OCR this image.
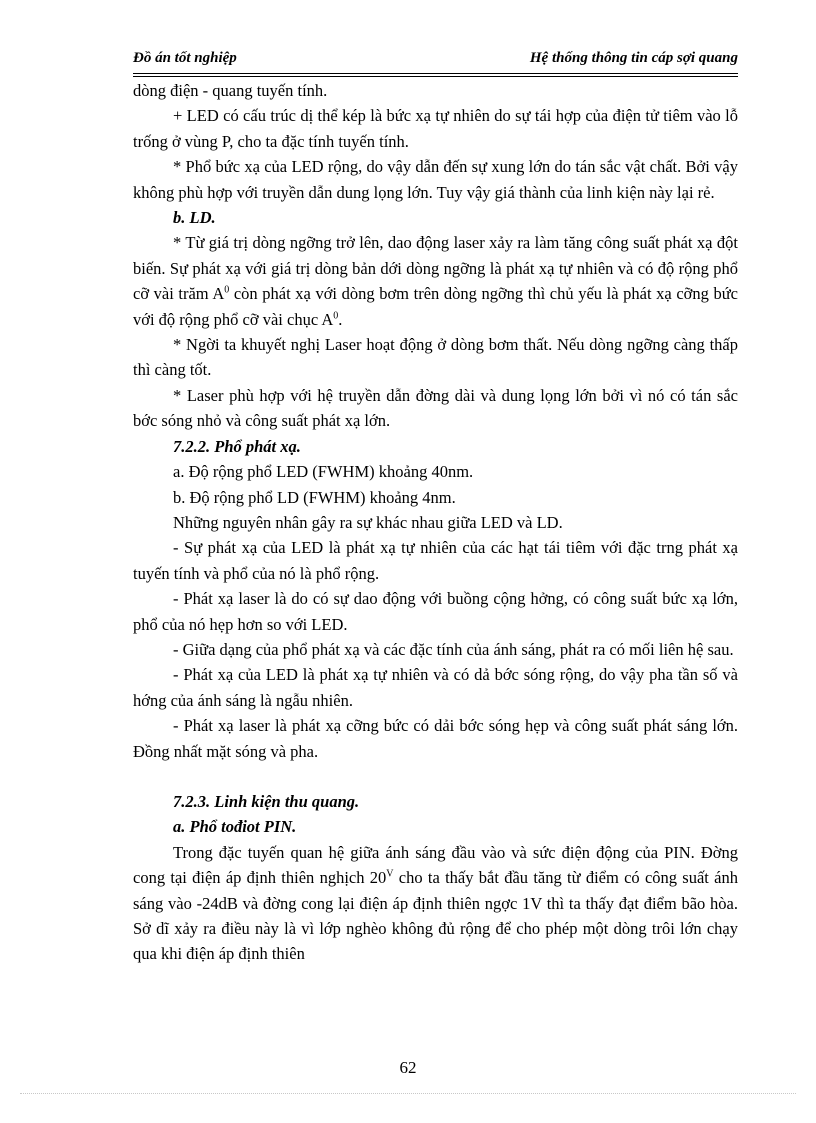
Đồ án tốt nghiệp	Hệ thống thông tin cáp sợi quang

dòng điện - quang tuyến tính.

+ LED có cấu trúc dị thể kép là bức xạ tự nhiên do sự tái hợp của điện tử tiêm vào lỗ trống ở vùng P, cho ta đặc tính tuyến tính.

* Phổ bức xạ của LED rộng, do vậy dẫn đến sự xung lớn do tán sắc vật chất. Bởi vậy không phù hợp với truyền dẫn dung lọng lớn. Tuy vậy giá thành của linh kiện này lại rẻ.

b. LD.

* Từ giá trị dòng ngỡng trở lên, dao động laser xảy ra làm tăng công suất phát xạ đột biến. Sự phát xạ với giá trị dòng bản dới dòng ngỡng là phát xạ tự nhiên và có độ rộng phổ cỡ vài trăm $A^0$ còn phát xạ với dòng bơm trên dòng ngỡng thì chủ yếu là phát xạ cỡng bức với độ rộng phổ cỡ vài chục $A^0$.

* Ngời ta khuyết nghị Laser hoạt động ở dòng bơm thất. Nếu dòng ngỡng càng thấp thì càng tốt.

* Laser phù hợp với hệ truyền dẫn đờng dài và dung lọng lớn bởi vì nó có tán sắc bớc sóng nhỏ và công suất phát xạ lớn.

7.2.2. Phổ phát xạ.

a. Độ rộng phổ LED (FWHM) khoảng 40nm.

b. Độ rộng phổ LD (FWHM) khoảng 4nm.

Những nguyên nhân gây ra sự khác nhau giữa LED và LD.

- Sự phát xạ của LED là phát xạ tự nhiên của các hạt tái tiêm với đặc trng phát xạ tuyến tính và phổ của nó là phổ rộng.

- Phát xạ laser là do có sự dao động với buồng cộng hởng, có công suất bức xạ lớn, phổ của nó hẹp hơn so với LED.

- Giữa dạng của phổ phát xạ và các đặc tính của ánh sáng, phát ra có mối liên hệ sau.

- Phát xạ của LED là phát xạ tự nhiên và có dả bớc sóng rộng, do vậy pha tần số và hớng của ánh sáng là ngẫu nhiên.

- Phát xạ laser là phát xạ cỡng bức có dải bớc sóng hẹp và công suất phát sáng lớn. Đồng nhất mặt sóng và pha.

7.2.3. Linh kiện thu quang.

a. Phổ tođiot PIN.

Trong đặc tuyến quan hệ giữa ánh sáng đầu vào và sức điện động của PIN. Đờng cong tại điện áp định thiên nghịch $20^V$ cho ta thấy bắt đầu tăng từ điểm có công suất ánh sáng vào -24dB và đờng cong lại điện áp định thiên ngợc 1V thì ta thấy đạt điểm bão hòa. Sở dĩ xảy ra điều này là vì lớp nghèo không đủ rộng để cho phép một dòng trôi lớn chạy qua khi điện áp định thiên

62
